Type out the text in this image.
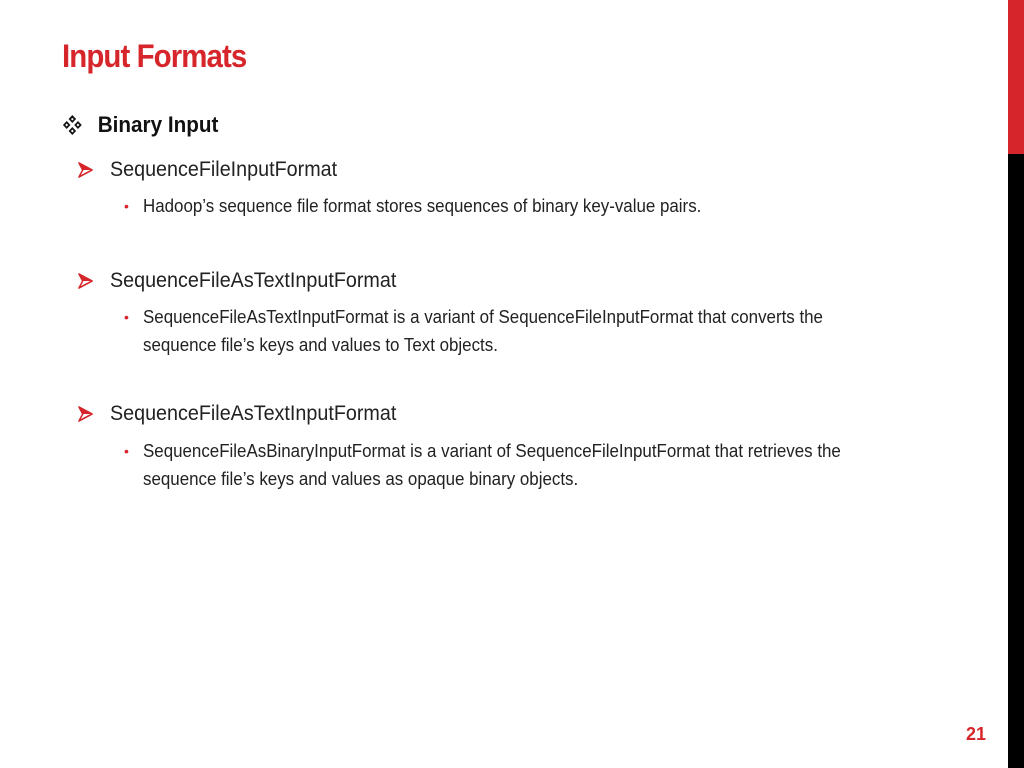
Input Formats
Binary Input
SequenceFileInputFormat
• Hadoop’s sequence file format stores sequences of binary key-value pairs.
SequenceFileAsTextInputFormat
• SequenceFileAsTextInputFormat is a variant of SequenceFileInputFormat that converts the sequence file’s keys and values to Text objects.
SequenceFileAsTextInputFormat
• SequenceFileAsBinaryInputFormat is a variant of SequenceFileInputFormat that retrieves the sequence file’s keys and values as opaque binary objects.
21
